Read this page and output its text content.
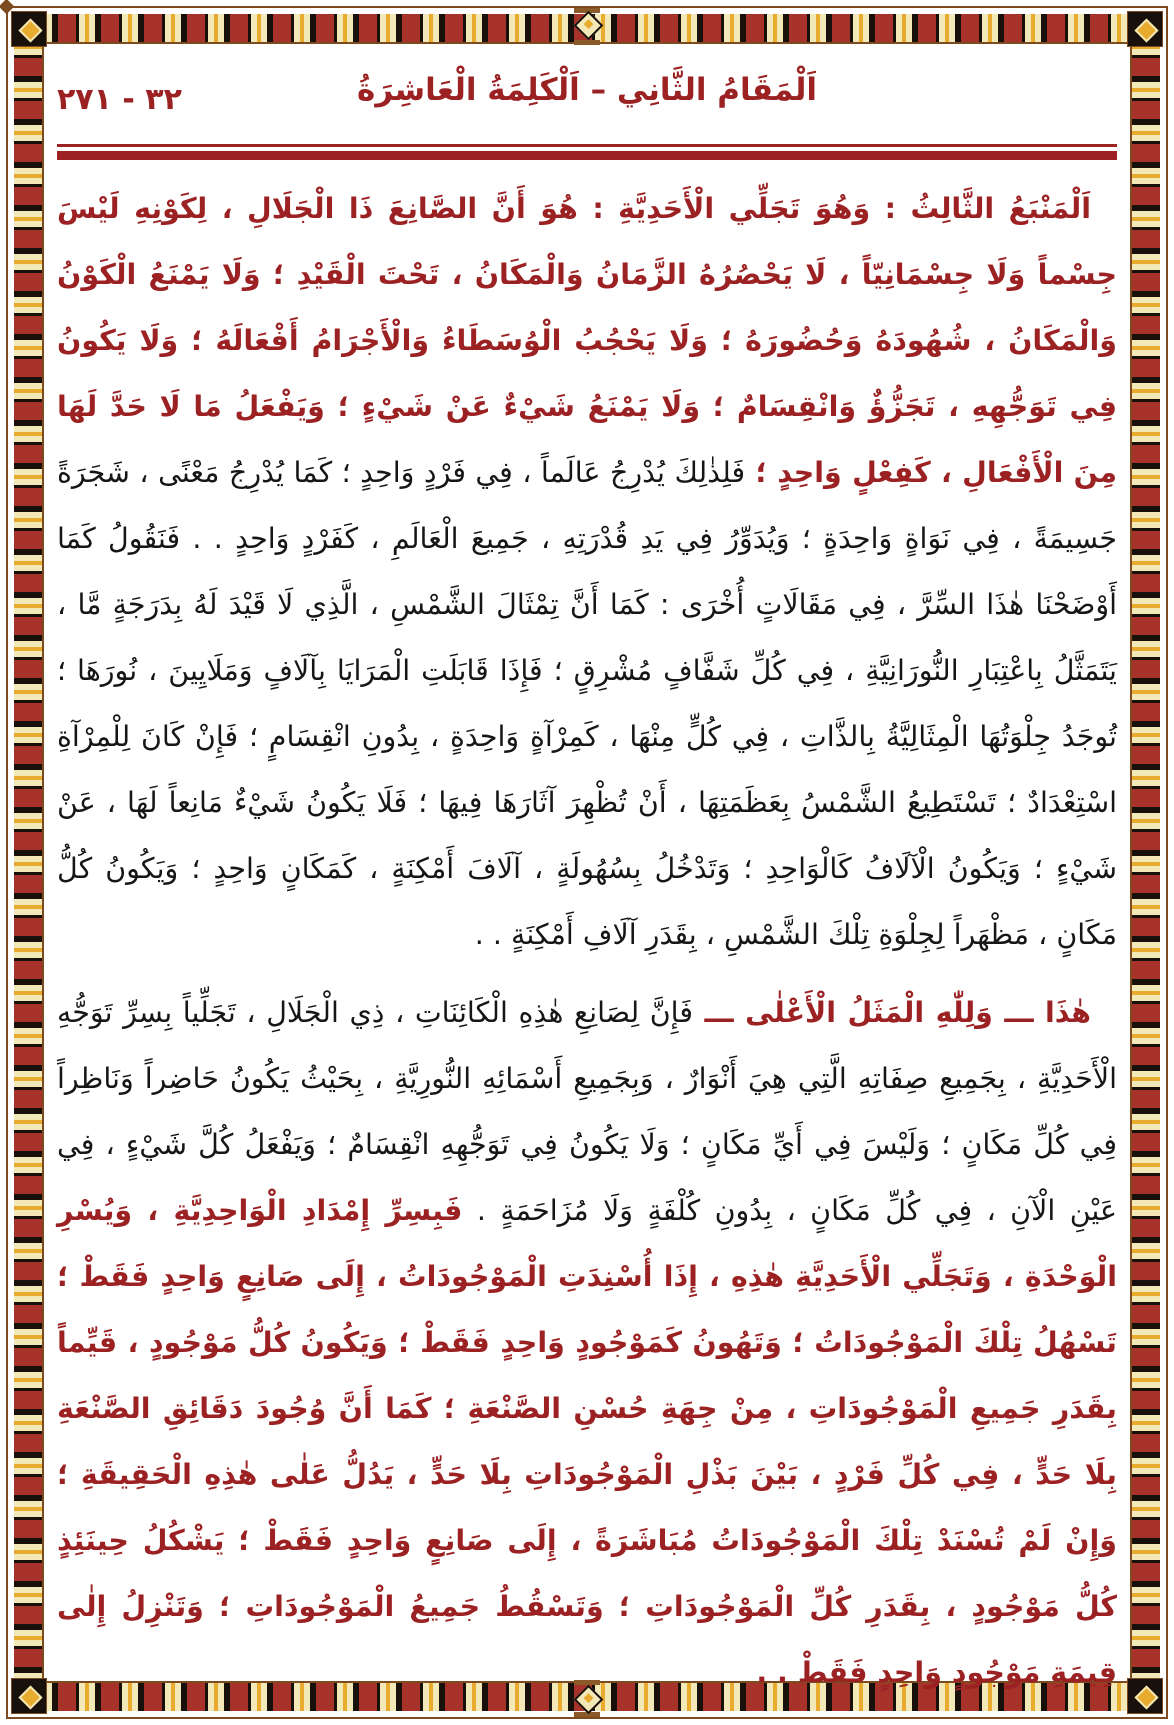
٣٢ - ٢٧١	اَلْمَقَامُ الثَّانِي – اَلْكَلِمَةُ الْعَاشِرَةُ

اَلْمَنْبَعُ الثَّالِثُ : وَهُوَ تَجَلِّي الْأَحَدِيَّةِ : هُوَ أَنَّ الصَّانِعَ ذَا الْجَلَالِ ، لِكَوْنِهِ لَيْسَ جِسْماً وَلَا جِسْمَانِيّاً ، لَا يَحْصُرُهُ الزَّمَانُ وَالْمَكَانُ ، تَحْتَ الْقَيْدِ ؛ وَلَا يَمْنَعُ الْكَوْنُ وَالْمَكَانُ ، شُهُودَهُ وَحُضُورَهُ ؛ وَلَا يَحْجُبُ الْوُسَطَاءُ وَالْأَجْرَامُ أَفْعَالَهُ ؛ وَلَا يَكُونُ فِي تَوَجُّهِهِ ، تَجَزُّؤٌ وَانْقِسَامٌ ؛ وَلَا يَمْنَعُ شَيْءٌ عَنْ شَيْءٍ ؛ وَيَفْعَلُ مَا لَا حَدَّ لَهَا مِنَ الْأَفْعَالِ ، كَفِعْلٍ وَاحِدٍ ؛ فَلِذٰلِكَ يُدْرِجُ عَالَماً ، فِي فَرْدٍ وَاحِدٍ ؛ كَمَا يُدْرِجُ مَعْنًى ، شَجَرَةً جَسِيمَةً ، فِي نَوَاةٍ وَاحِدَةٍ ؛ وَيُدَوِّرُ فِي يَدِ قُدْرَتِهِ ، جَمِيعَ الْعَالَمِ ، كَفَرْدٍ وَاحِدٍ . . فَنَقُولُ كَمَا أَوْضَحْنَا هٰذَا السِّرَّ ، فِي مَقَالَاتٍ أُخْرَى : كَمَا أَنَّ تِمْثَالَ الشَّمْسِ ، الَّذِي لَا قَيْدَ لَهُ بِدَرَجَةٍ مَّا ، يَتَمَثَّلُ بِاعْتِبَارِ النُّورَانِيَّةِ ، فِي كُلِّ شَفَّافٍ مُشْرِقٍ ؛ فَإِذَا قَابَلَتِ الْمَرَايَا بِآلَافٍ وَمَلَايِينَ ، نُورَهَا ؛ تُوجَدُ جِلْوَتُهَا الْمِثَالِيَّةُ بِالذَّاتِ ، فِي كُلٍّ مِنْهَا ، كَمِرْآةٍ وَاحِدَةٍ ، بِدُونِ انْقِسَامٍ ؛ فَإِنْ كَانَ لِلْمِرْآةِ اسْتِعْدَادٌ ؛ تَسْتَطِيعُ الشَّمْسُ بِعَظَمَتِهَا ، أَنْ تُظْهِرَ آثَارَهَا فِيهَا ؛ فَلَا يَكُونُ شَيْءٌ مَانِعاً لَهَا ، عَنْ شَيْءٍ ؛ وَيَكُونُ الْآلَافُ كَالْوَاحِدِ ؛ وَتَدْخُلُ بِسُهُولَةٍ ، آلَافَ أَمْكِنَةٍ ، كَمَكَانٍ وَاحِدٍ ؛ وَيَكُونُ كُلُّ مَكَانٍ ، مَظْهَراً لِجِلْوَةِ تِلْكَ الشَّمْسِ ، بِقَدَرِ آلَافِ أَمْكِنَةٍ . .

هٰذَا ـــ وَلِلّٰهِ الْمَثَلُ الْأَعْلٰى ـــ فَإِنَّ لِصَانِعِ هٰذِهِ الْكَائِنَاتِ ، ذِي الْجَلَالِ ، تَجَلِّياً بِسِرِّ تَوَجُّهِ الْأَحَدِيَّةِ ، بِجَمِيعِ صِفَاتِهِ الَّتِي هِيَ أَنْوَارٌ ، وَبِجَمِيعِ أَسْمَائِهِ النُّورِيَّةِ ، بِحَيْثُ يَكُونُ حَاضِراً وَنَاظِراً فِي كُلِّ مَكَانٍ ؛ وَلَيْسَ فِي أَيِّ مَكَانٍ ؛ وَلَا يَكُونُ فِي تَوَجُّهِهِ انْقِسَامٌ ؛ وَيَفْعَلُ كُلَّ شَيْءٍ ، فِي عَيْنِ الْآنِ ، فِي كُلِّ مَكَانٍ ، بِدُونِ كُلْفَةٍ وَلَا مُزَاحَمَةٍ . فَبِسِرِّ إِمْدَادِ الْوَاحِدِيَّةِ ، وَيُسْرِ الْوَحْدَةِ ، وَتَجَلِّي الْأَحَدِيَّةِ هٰذِهِ ، إِذَا أُسْنِدَتِ الْمَوْجُودَاتُ ، إِلَى صَانِعٍ وَاحِدٍ فَقَطْ ؛ تَسْهُلُ تِلْكَ الْمَوْجُودَاتُ ؛ وَتَهُونُ كَمَوْجُودٍ وَاحِدٍ فَقَطْ ؛ وَيَكُونُ كُلُّ مَوْجُودٍ ، قَيِّماً بِقَدَرِ جَمِيعِ الْمَوْجُودَاتِ ، مِنْ جِهَةِ حُسْنِ الصَّنْعَةِ ؛ كَمَا أَنَّ وُجُودَ دَقَائِقِ الصَّنْعَةِ بِلَا حَدٍّ ، فِي كُلِّ فَرْدٍ ، بَيْنَ بَذْلِ الْمَوْجُودَاتِ بِلَا حَدٍّ ، يَدُلُّ عَلٰى هٰذِهِ الْحَقِيقَةِ ؛ وَإِنْ لَمْ تُسْنَدْ تِلْكَ الْمَوْجُودَاتُ مُبَاشَرَةً ، إِلَى صَانِعٍ وَاحِدٍ فَقَطْ ؛ يَشْكُلُ حِينَئِذٍ كُلُّ مَوْجُودٍ ، بِقَدَرِ كُلِّ الْمَوْجُودَاتِ ؛ وَتَسْقُطُ جَمِيعُ الْمَوْجُودَاتِ ؛ وَتَنْزِلُ إِلٰى قِيمَةِ مَوْجُودٍ وَاحِدٍ فَقَطْ . .
